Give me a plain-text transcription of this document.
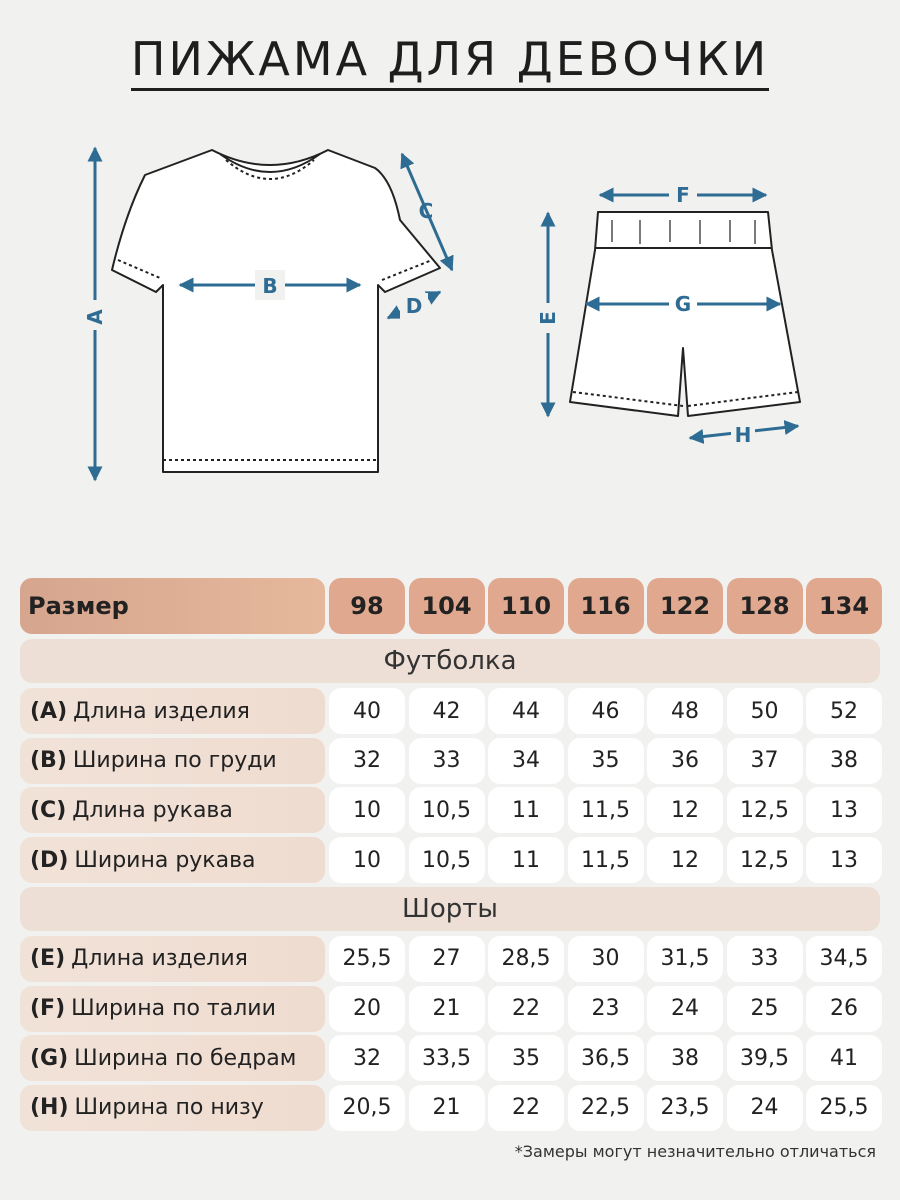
ПИЖАМА ДЛЯ ДЕВОЧКИ
B
A
C
D	E
F
G
H
Размер	98	104	110	116	122	128	134
Футболка
(A) Длина изделия	40	42	44	46	48	50	52
(B) Ширина по груди	32	33	34	35	36	37	38
(C) Длина рукава	10	10,5	11	11,5	12	12,5	13
(D) Ширина рукава	10	10,5	11	11,5	12	12,5	13
Шорты
(E) Длина изделия	25,5	27	28,5	30	31,5	33	34,5
(F) Ширина по талии	20	21	22	23	24	25	26
(G) Ширина по бедрам	32	33,5	35	36,5	38	39,5	41
(H) Ширина по низу	20,5	21	22	22,5	23,5	24	25,5
*Замеры могут незначительно отличаться
